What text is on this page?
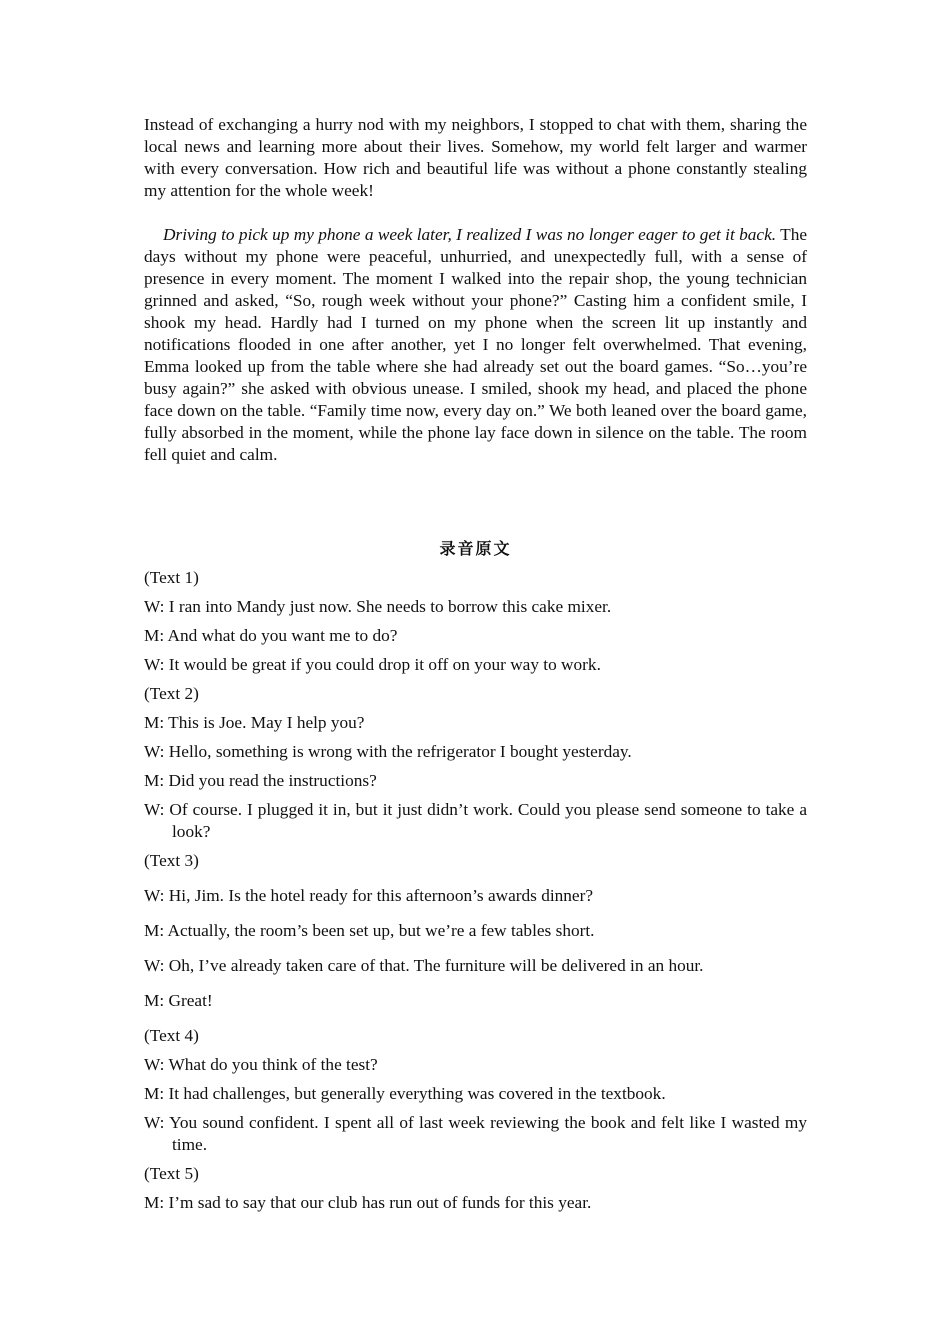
Instead of exchanging a hurry nod with my neighbors, I stopped to chat with them, sharing the local news and learning more about their lives. Somehow, my world felt larger and warmer with every conversation. How rich and beautiful life was without a phone constantly stealing my attention for the whole week!

Driving to pick up my phone a week later, I realized I was no longer eager to get it back. The days without my phone were peaceful, unhurried, and unexpectedly full, with a sense of presence in every moment. The moment I walked into the repair shop, the young technician grinned and asked, “So, rough week without your phone?” Casting him a confident smile, I shook my head. Hardly had I turned on my phone when the screen lit up instantly and notifications flooded in one after another, yet I no longer felt overwhelmed. That evening, Emma looked up from the table where she had already set out the board games. “So…you’re busy again?” she asked with obvious unease. I smiled, shook my head, and placed the phone face down on the table. “Family time now, every day on.” We both leaned over the board game, fully absorbed in the moment, while the phone lay face down in silence on the table. The room fell quiet and calm.

录音原文
(Text 1)
W: I ran into Mandy just now. She needs to borrow this cake mixer.
M: And what do you want me to do?
W: It would be great if you could drop it off on your way to work.
(Text 2)
M: This is Joe. May I help you?
W: Hello, something is wrong with the refrigerator I bought yesterday.
M: Did you read the instructions?
W: Of course. I plugged it in, but it just didn’t work. Could you please send someone to take a look?
(Text 3)
W: Hi, Jim. Is the hotel ready for this afternoon’s awards dinner?
M: Actually, the room’s been set up, but we’re a few tables short.
W: Oh, I’ve already taken care of that. The furniture will be delivered in an hour.
M: Great!
(Text 4)
W: What do you think of the test?
M: It had challenges, but generally everything was covered in the textbook.
W: You sound confident. I spent all of last week reviewing the book and felt like I wasted my time.
(Text 5)
M: I’m sad to say that our club has run out of funds for this year.
